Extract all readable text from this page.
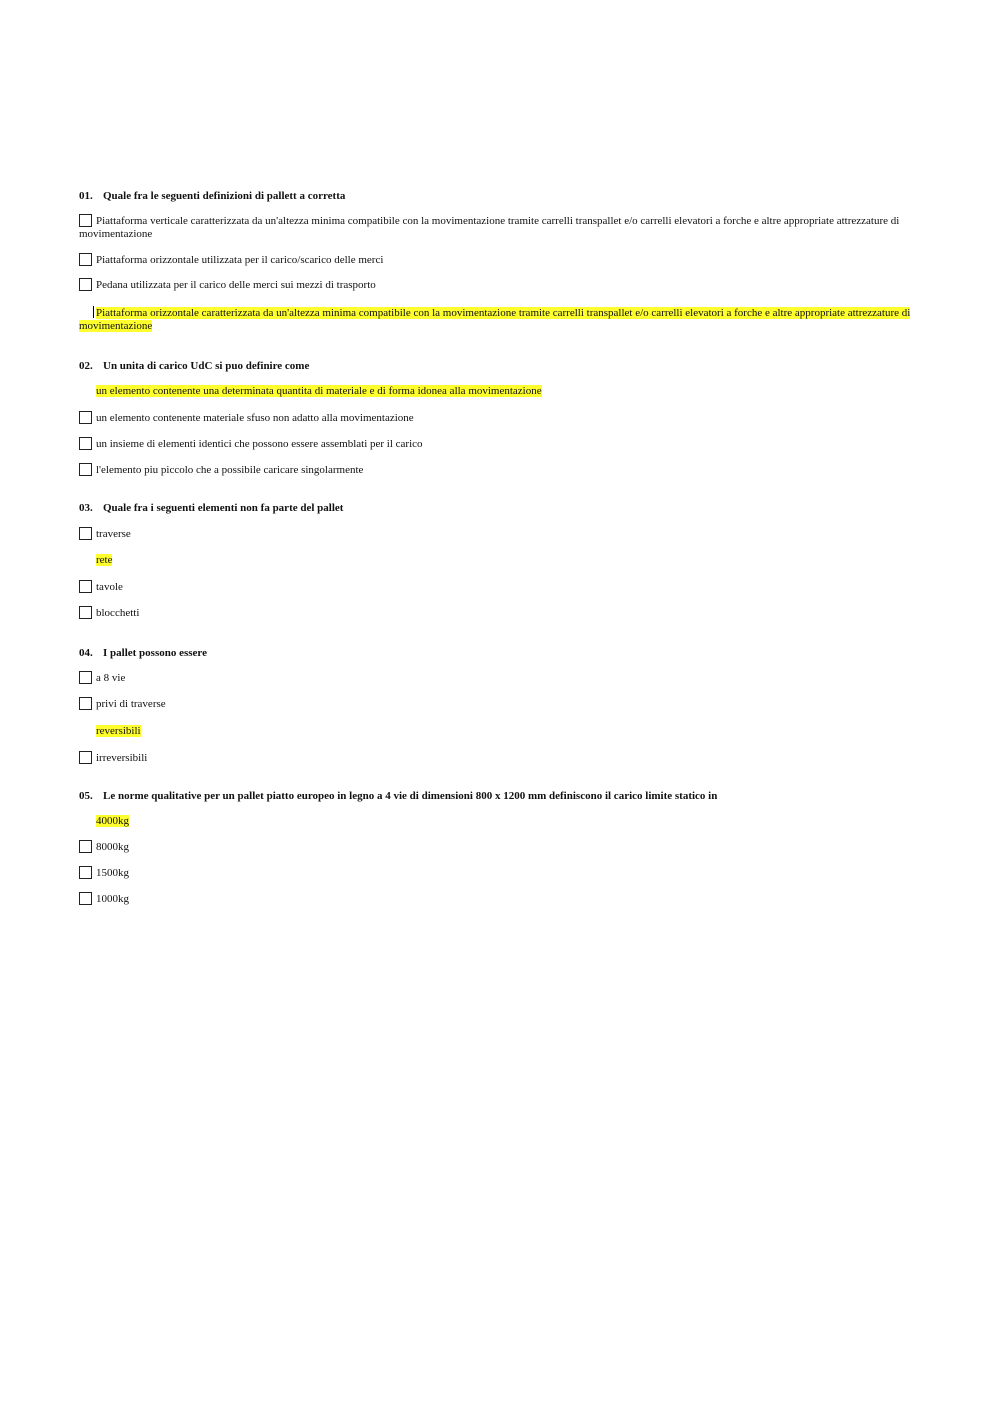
01. Quale fra le seguenti definizioni di pallett a corretta
Piattaforma verticale caratterizzata da un'altezza minima compatibile con la movimentazione tramite carrelli transpallet e/o carrelli elevatori a forche e altre appropriate attrezzature di movimentazione
Piattaforma orizzontale utilizzata per il carico/scarico delle merci
Pedana utilizzata per il carico delle merci sui mezzi di trasporto
Piattaforma orizzontale caratterizzata da un'altezza minima compatibile con la movimentazione tramite carrelli transpallet e/o carrelli elevatori a forche e altre appropriate attrezzature di movimentazione
02. Un unita di carico UdC si puo definire come
un elemento contenente una determinata quantita di materiale e di forma idonea alla movimentazione
un elemento contenente materiale sfuso non adatto alla movimentazione
un insieme di elementi identici che possono essere assemblati per il carico
l'elemento piu piccolo che a possibile caricare singolarmente
03. Quale fra i seguenti elementi non fa parte del pallet
traverse
rete
tavole
blocchetti
04. I pallet possono essere
a 8 vie
privi di traverse
reversibili
irreversibili
05. Le norme qualitative per un pallet piatto europeo in legno a 4 vie di dimensioni 800 x 1200 mm definiscono il carico limite statico in
4000kg
8000kg
1500kg
1000kg
